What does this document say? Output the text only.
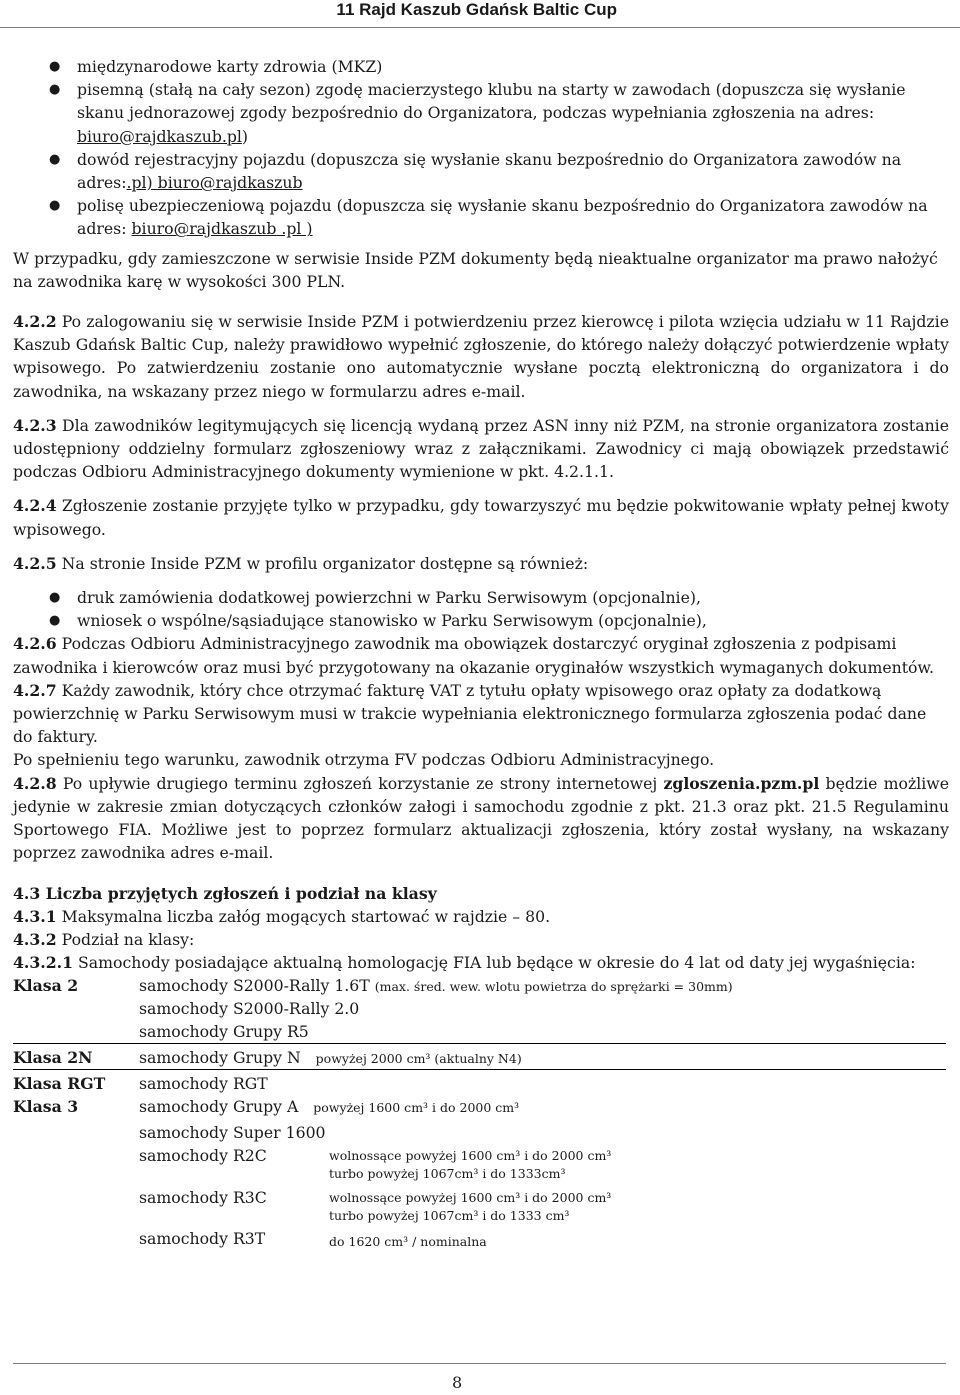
11 Rajd Kaszub Gdańsk Baltic Cup
● międzynarodowe karty zdrowia (MKZ)
● pisemną (stałą na cały sezon) zgodę macierzystego klubu na starty w zawodach (dopuszcza się wysłanie skanu jednorazowej zgody bezpośrednio do Organizatora, podczas wypełniania zgłoszenia na adres: biuro@rajdkaszub.pl)
● dowód rejestracyjny pojazdu (dopuszcza się wysłanie skanu bezpośrednio do Organizatora zawodów na adres:.pl) biuro@rajdkaszub
● polisę ubezpieczeniową pojazdu (dopuszcza się wysłanie skanu bezpośrednio do Organizatora zawodów na adres: biuro@rajdkaszub .pl )

W przypadku, gdy zamieszczone w serwisie Inside PZM dokumenty będą nieaktualne organizator ma prawo nałożyć na zawodnika karę w wysokości 300 PLN.

4.2.2 Po zalogowaniu się w serwisie Inside PZM i potwierdzeniu przez kierowcę i pilota wzięcia udziału w 11 Rajdzie Kaszub Gdańsk Baltic Cup, należy prawidłowo wypełnić zgłoszenie, do którego należy dołączyć potwierdzenie wpłaty wpisowego. Po zatwierdzeniu zostanie ono automatycznie wysłane pocztą elektroniczną do organizatora i do zawodnika, na wskazany przez niego w formularzu adres e-mail.

4.2.3 Dla zawodników legitymujących się licencją wydaną przez ASN inny niż PZM, na stronie organizatora zostanie udostępniony oddzielny formularz zgłoszeniowy wraz z załącznikami. Zawodnicy ci mają obowiązek przedstawić podczas Odbioru Administracyjnego dokumenty wymienione w pkt. 4.2.1.1.

4.2.4 Zgłoszenie zostanie przyjęte tylko w przypadku, gdy towarzyszyć mu będzie pokwitowanie wpłaty pełnej kwoty wpisowego.

4.2.5 Na stronie Inside PZM w profilu organizator dostępne są również:

● druk zamówienia dodatkowej powierzchni w Parku Serwisowym (opcjonalnie),
● wniosek o wspólne/sąsiadujące stanowisko w Parku Serwisowym (opcjonalnie),

4.2.6 Podczas Odbioru Administracyjnego zawodnik ma obowiązek dostarczyć oryginał zgłoszenia z podpisami zawodnika i kierowców oraz musi być przygotowany na okazanie oryginałów wszystkich wymaganych dokumentów.

4.2.7 Każdy zawodnik, który chce otrzymać fakturę VAT z tytułu opłaty wpisowego oraz opłaty za dodatkową powierzchnię w Parku Serwisowym musi w trakcie wypełniania elektronicznego formularza zgłoszenia podać dane do faktury.

Po spełnieniu tego warunku, zawodnik otrzyma FV podczas Odbioru Administracyjnego.

4.2.8 Po upływie drugiego terminu zgłoszeń korzystanie ze strony internetowej zgloszenia.pzm.pl będzie możliwe jedynie w zakresie zmian dotyczących członków załogi i samochodu zgodnie z pkt. 21.3 oraz pkt. 21.5 Regulaminu Sportowego FIA. Możliwe jest to poprzez formularz aktualizacji zgłoszenia, który został wysłany, na wskazany poprzez zawodnika adres e-mail.

4.3 Liczba przyjętych zgłoszeń i podział na klasy

4.3.1 Maksymalna liczba załóg mogących startować w rajdzie – 80.

4.3.2 Podział na klasy:

4.3.2.1 Samochody posiadające aktualną homologację FIA lub będące w okresie do 4 lat od daty jej wygaśnięcia:

Klasa 2	samochody S2000-Rally 1.6T (max. śred. wew. wlotu powietrza do sprężarki = 30mm)
samochody S2000-Rally 2.0
samochody Grupy R5
Klasa 2N	samochody Grupy N powyżej 2000 cm³ (aktualny N4)
Klasa RGT samochody RGT
Klasa 3	samochody Grupy A powyżej 1600 cm³ i do 2000 cm³
samochody Super 1600
samochody R2C	wolnossące powyżej 1600 cm³ i do 2000 cm³
turbo powyżej 1067cm³ i do 1333cm³
samochody R3C	wolnossące powyżej 1600 cm³ i do 2000 cm³
turbo powyżej 1067cm³ i do 1333 cm³
samochody R3T	do 1620 cm³ / nominalna
8
